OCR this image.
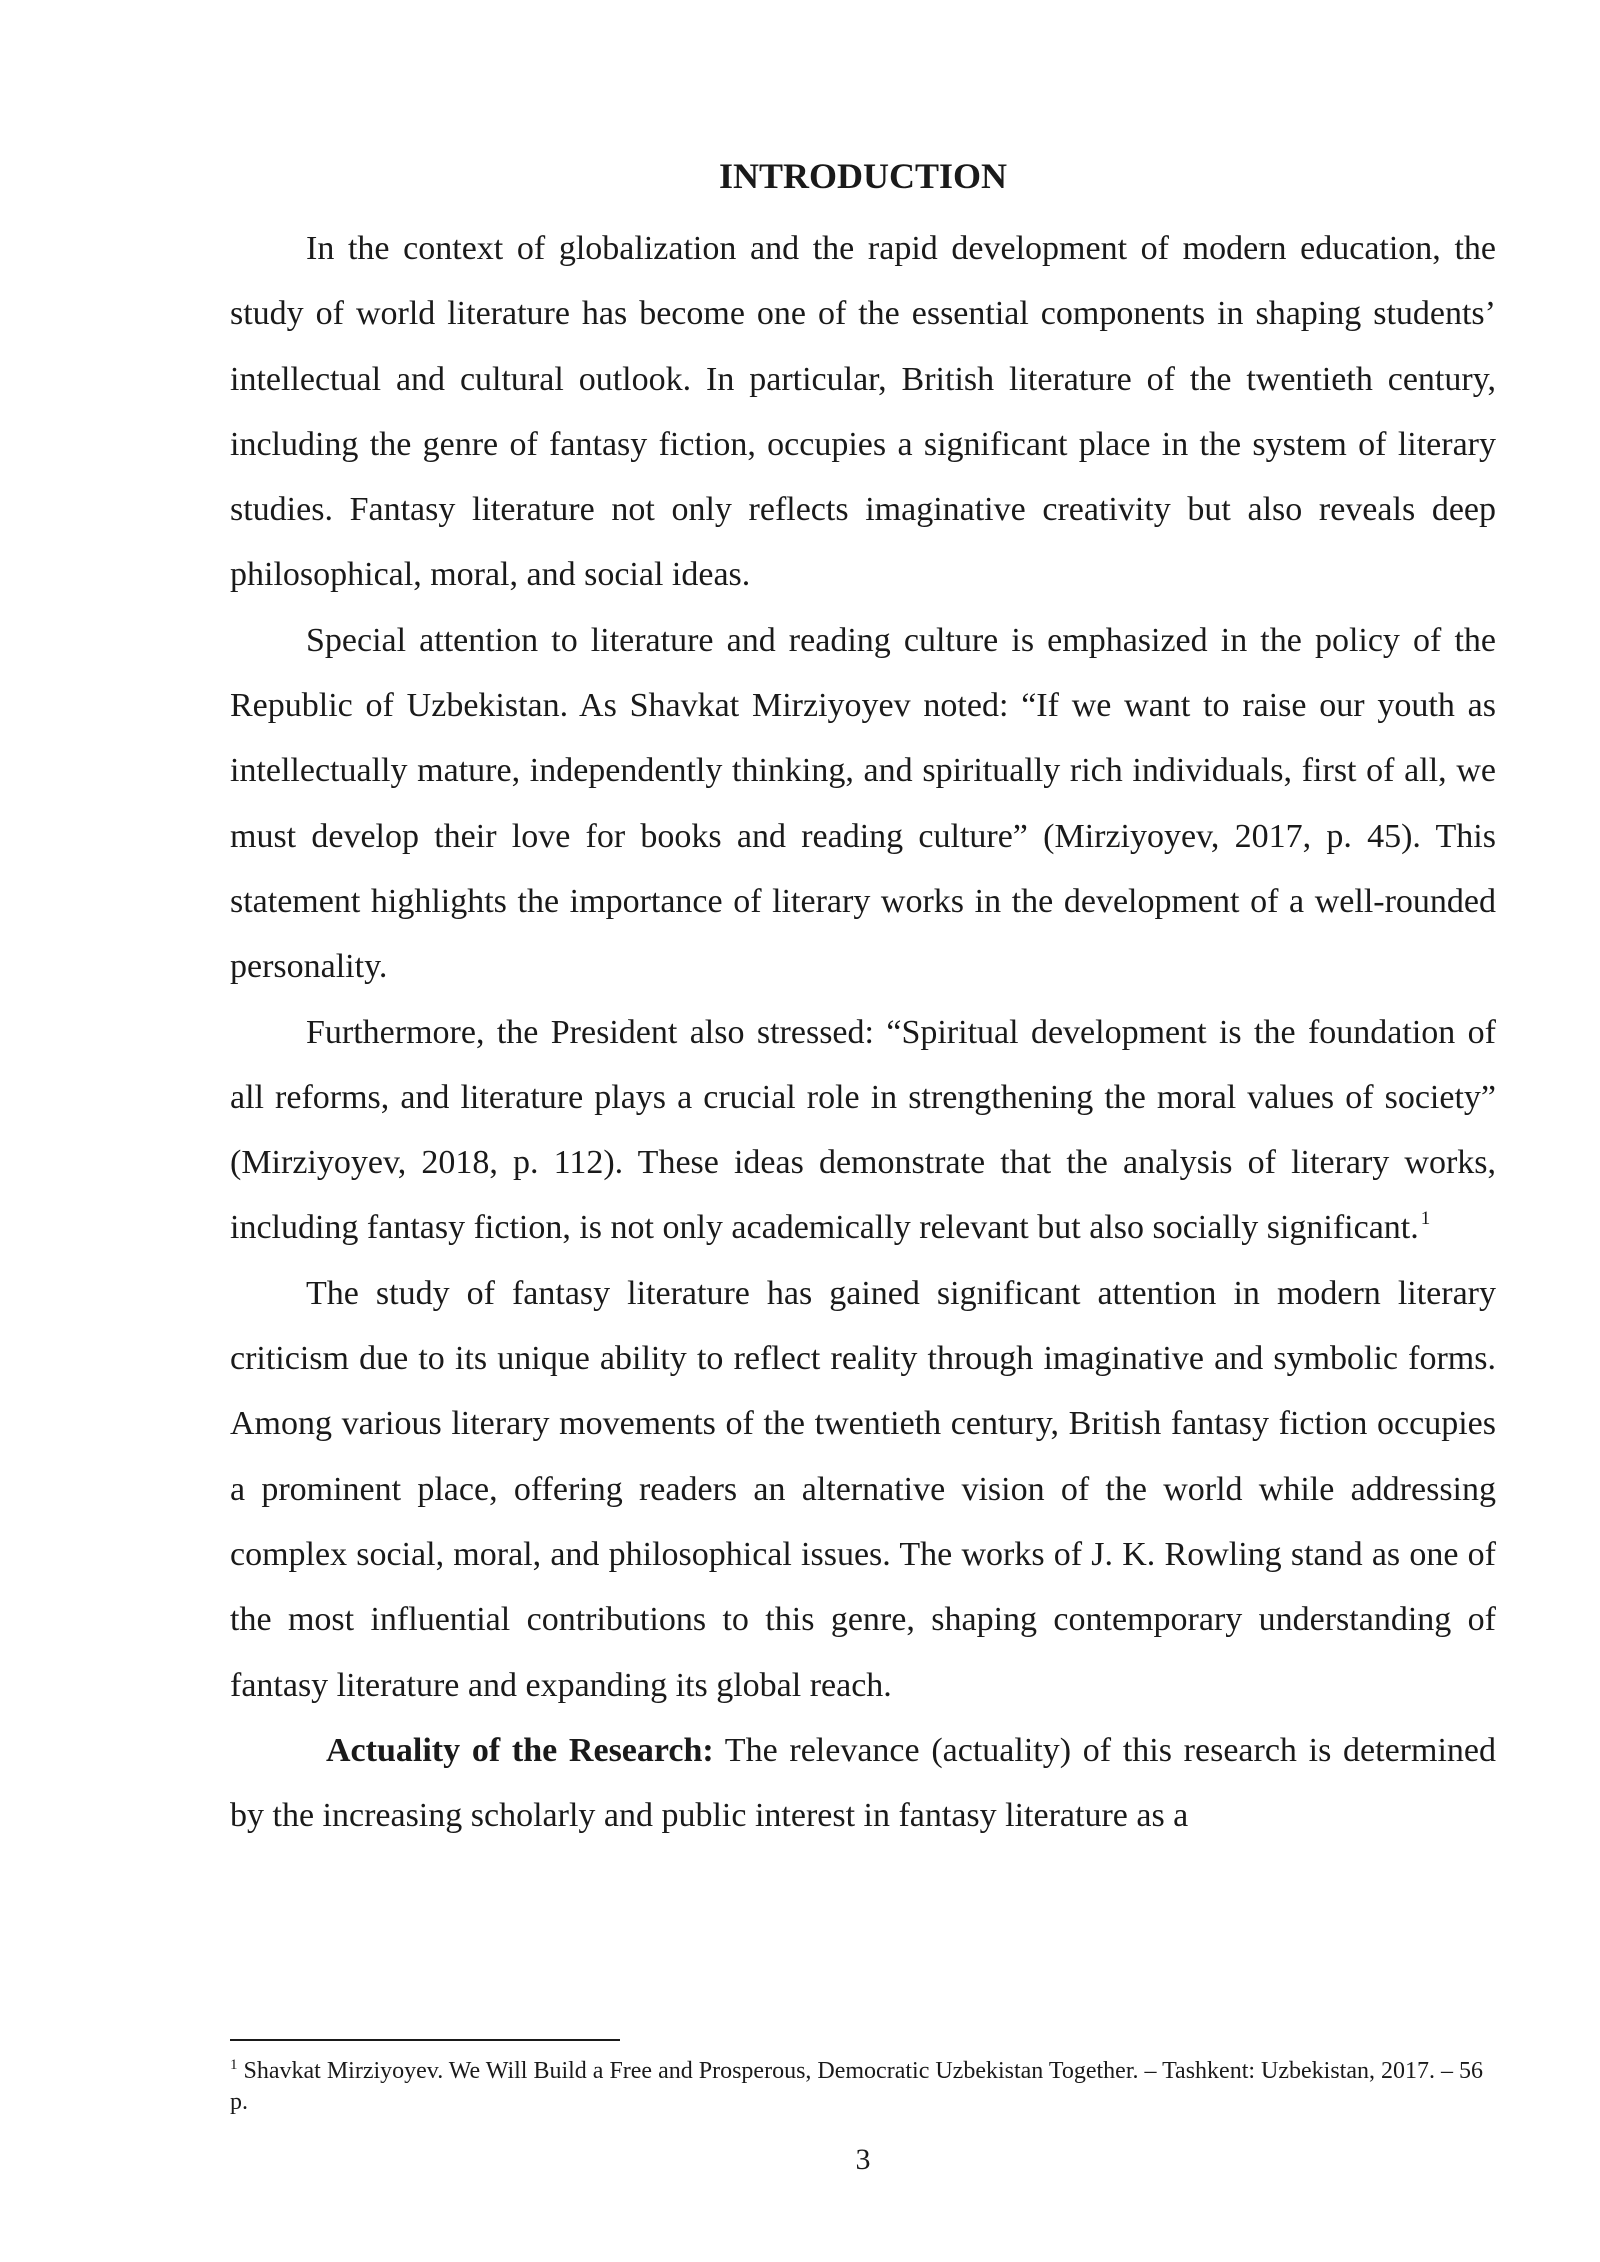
INTRODUCTION

In the context of globalization and the rapid development of modern education, the study of world literature has become one of the essential components in shaping students’ intellectual and cultural outlook. In particular, British literature of the twentieth century, including the genre of fantasy fiction, occupies a significant place in the system of literary studies. Fantasy literature not only reflects imaginative creativity but also reveals deep philosophical, moral, and social ideas.

Special attention to literature and reading culture is emphasized in the policy of the Republic of Uzbekistan. As Shavkat Mirziyoyev noted: “If we want to raise our youth as intellectually mature, independently thinking, and spiritually rich individuals, first of all, we must develop their love for books and reading culture” (Mirziyoyev, 2017, p. 45). This statement highlights the importance of literary works in the development of a well-rounded personality.

Furthermore, the President also stressed: “Spiritual development is the foundation of all reforms, and literature plays a crucial role in strengthening the moral values of society” (Mirziyoyev, 2018, p. 112). These ideas demonstrate that the analysis of literary works, including fantasy fiction, is not only academically relevant but also socially significant. $^1$

The study of fantasy literature has gained significant attention in modern literary criticism due to its unique ability to reflect reality through imaginative and symbolic forms. Among various literary movements of the twentieth century, British fantasy fiction occupies a prominent place, offering readers an alternative vision of the world while addressing complex social, moral, and philosophical issues. The works of J. K. Rowling stand as one of the most influential contributions to this genre, shaping contemporary understanding of fantasy literature and expanding its global reach.

Actuality of the Research: The relevance (actuality) of this research is determined by the increasing scholarly and public interest in fantasy literature as a

$^1$ Shavkat Mirziyoyev. We Will Build a Free and Prosperous, Democratic Uzbekistan Together. – Tashkent: Uzbekistan, 2017. – 56 p.

3
